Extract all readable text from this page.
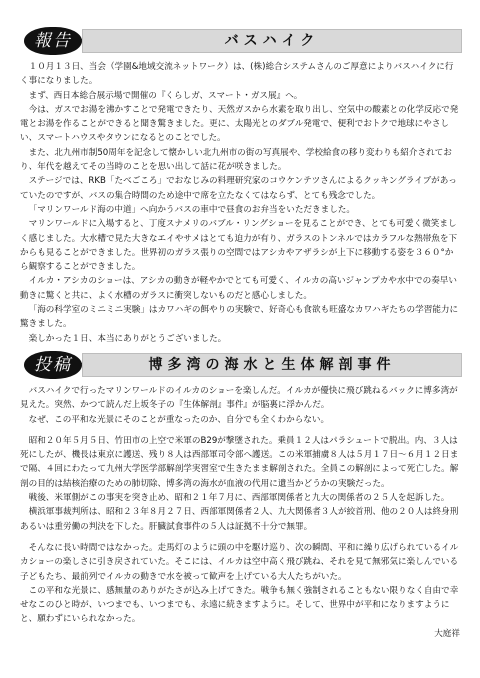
報告	バスハイク

１０月１３日、当会（学園&地域交流ネットワーク）は、(株)総合システムさんのご厚意によりバスハイクに行く事になりました。

まず、西日本総合展示場で開催の『くらしガ、スマート・ガス展』へ。

今は、ガスでお湯を沸かすことで発電できたり、天然ガスから水素を取り出し、空気中の酸素との化学反応で発電とお湯を作ることができると聞き驚きました。更に、太陽光とのダブル発電で、便利でおトクで地球にやさしい、スマートハウスやタウンになるとのことでした。

また、北九州市制50周年を記念して懐かしい北九州市の街の写真展や、学校給食の移り変わりも紹介されており、年代を越えてその当時のことを思い出して話に花が咲きました。

ステージでは、RKB「たべごころ」でおなじみの料理研究家のコウケンテツさんによるクッキングライブがあっていたのですが、バスの集合時間のため途中で席を立たなくてはならず、とても残念でした。

「マリンワールド海の中道」へ向かうバスの車中で昼食のお弁当をいただきました。

マリンワールドに入場すると、丁度スナメリのバブル・リングショーを見ることができ、とても可愛く微笑ましく感じました。大水槽で見た大きなエイやサメはとても迫力が有り、ガラスのトンネルではカラフルな熱帯魚を下からも見ることができました。世界初のガラス張りの空間ではアシカやアザラシが上下に移動する姿を３６０°から観察することができました。

イルカ・アシカのショーは、アシカの動きが軽やかでとても可愛く、イルカの高いジャンプカや水中での奏早い動きに驚くと共に、よく水槽のガラスに衝突しないものだと感心しました。

「海の科学室のミニミニ実験」はカワハギの餌やりの実験で、好奇心も食欲も旺盛なカワハギたちの学習能力に驚きました。

楽しかった１日、本当にありがとうございました。

投稿	博多湾の海水と生体解剖事件

バスハイクで行ったマリンワールドのイルカのショーを楽しんだ。イルカが優快に飛び跳ねるバックに博多湾が見えた。突然、かつて読んだ上坂冬子の『生体解剖』事件』が脳裏に浮かんだ。

なぜ、この平和な光景にそのことが重なったのか、自分でも全くわからない。

昭和２０年５月５日、竹田市の上空で米軍のB29が撃墜された。乗員１２人はパラシュートで脱出。内、３人は死にしたが、機長は東京に護送、残り８人は西部軍司令部へ護送。この米軍捕虜８人は５月１７日～６月１２日まで隔、４回にわたって九州大学医学部解剖学実習室で生きたまま解剖された。全員この解剖によって死亡した。解剖の目的は結核治療のための肺切除、博多湾の海水が血液の代用に遺当かどうかの実験だった。

戦後、米軍側がこの事実を突き止め、昭和２１年７月に、西部軍関係者と九大の関係者の２５人を起訴した。

横浜軍事裁判所は、昭和２３年８月２７日、西部軍関係者２人、九大関係者３人が絞首刑、他の２０人は終身刑あるいは重労働の判決を下した。肝臓試食事件の５人は証拠不十分で無罪。

そんなに長い時間ではなかった。走馬灯のように頭の中を駆け巡り、次の瞬間、平和に繰り広げられているイルカショーの楽しさに引き戻されていた。そこには、イルカは空中高く飛び跳ね、それを見て無邪気に楽しんでいる子どもたち、最前列でイルカの動きで水を被って歓声を上げている大人たちがいた。

この平和な光景に、感無量のありがたさが込み上げてきた。戦争も無く強制されることもない限りなく自由で幸せなこのひと時が、いつまでも、いつまでも、永遠に続きますように。そして、世界中が平和になりますようにと、願わずにいられなかった。

大庭祥
